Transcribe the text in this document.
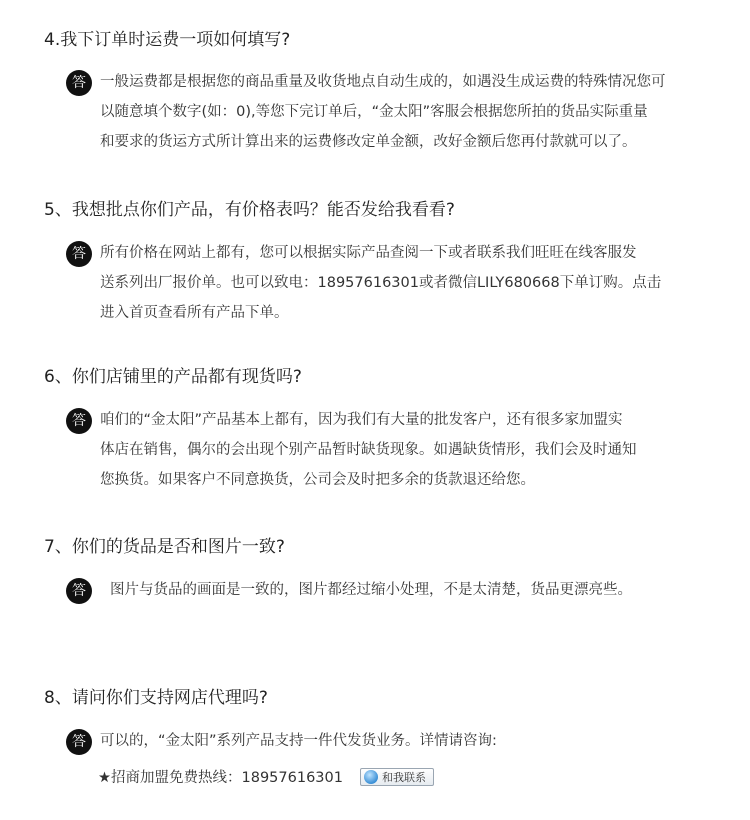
4.我下订单时运费一项如何填写?
答 一般运费都是根据您的商品重量及收货地点自动生成的，如遇没生成运费的特殊情况您可
以随意填个数字(如：0),等您下完订单后，“金太阳”客服会根据您所拍的货品实际重量
和要求的货运方式所计算出来的运费修改定单金额，改好金额后您再付款就可以了。
5、我想批点你们产品，有价格表吗？能否发给我看看?
答 所有价格在网站上都有，您可以根据实际产品查阅一下或者联系我们旺旺在线客服发
送系列出厂报价单。也可以致电：18957616301或者微信LILY680668下单订购。点击
进入首页查看所有产品下单。
6、你们店铺里的产品都有现货吗?
答 咱们的“金太阳”产品基本上都有，因为我们有大量的批发客户，还有很多家加盟实
体店在销售，偶尔的会出现个别产品暂时缺货现象。如遇缺货情形，我们会及时通知
您换货。如果客户不同意换货，公司会及时把多余的货款退还给您。
7、你们的货品是否和图片一致?
答	图片与货品的画面是一致的，图片都经过缩小处理，不是太清楚，货品更漂亮些。
8、请问你们支持网店代理吗?
答 可以的，“金太阳”系列产品支持一件代发货业务。详情请咨询:
★招商加盟免费热线：18957616301	和我联系
